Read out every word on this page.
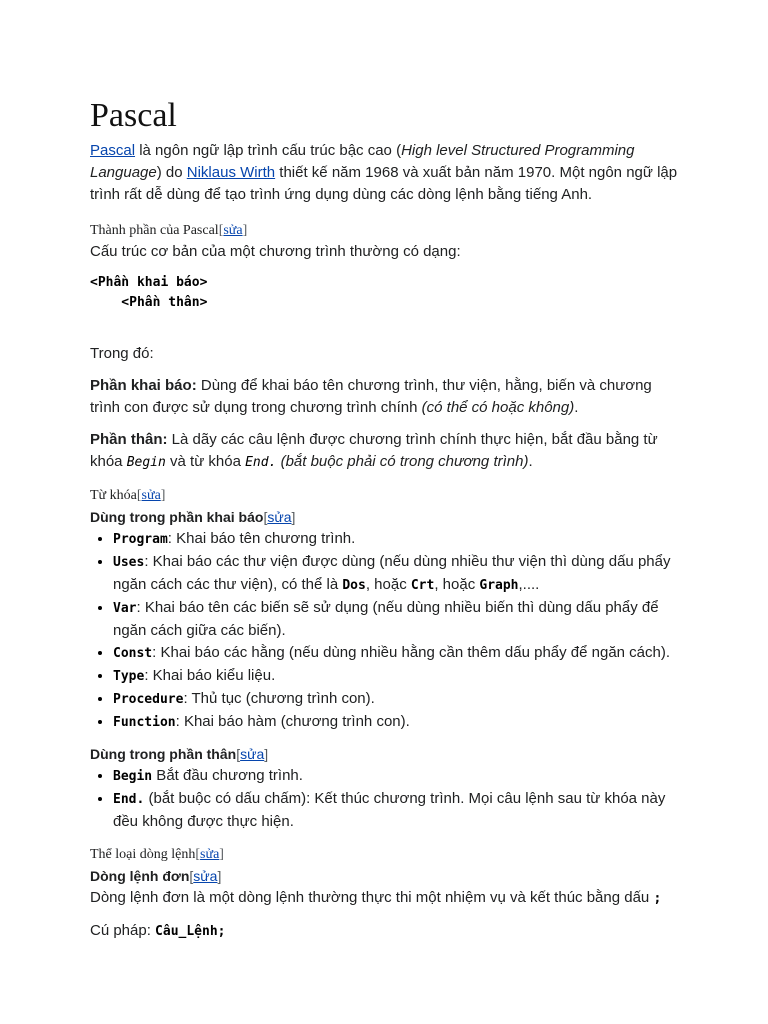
Pascal

Pascal là ngôn ngữ lập trình cấu trúc bậc cao (High level Structured Programming Language) do Niklaus Wirth thiết kế năm 1968 và xuất bản năm 1970. Một ngôn ngữ lập trình rất dễ dùng để tạo trình ứng dụng dùng các dòng lệnh bằng tiếng Anh.

Thành phần của Pascal[sửa]

Cấu trúc cơ bản của một chương trình thường có dạng:

<Phần khai báo>
<Phần thân>

Trong đó:

Phần khai báo: Dùng để khai báo tên chương trình, thư viện, hằng, biến và chương trình con được sử dụng trong chương trình chính (có thể có hoặc không).

Phần thân: Là dãy các câu lệnh được chương trình chính thực hiện, bắt đầu bằng từ khóa Begin và từ khóa End. (bắt buộc phải có trong chương trình).

Từ khóa[sửa]
Dùng trong phần khai báo[sửa]
• Program: Khai báo tên chương trình.
• Uses: Khai báo các thư viện được dùng (nếu dùng nhiều thư viện thì dùng dấu phẩy ngăn cách các thư viện), có thể là Dos, hoặc Crt, hoặc Graph,....
• Var: Khai báo tên các biến sẽ sử dụng (nếu dùng nhiều biến thì dùng dấu phẩy để ngăn cách giữa các biến).
• Const: Khai báo các hằng (nếu dùng nhiều hằng cần thêm dấu phẩy để ngăn cách).
• Type: Khai báo kiểu liệu.
• Procedure: Thủ tục (chương trình con).
• Function: Khai báo hàm (chương trình con).
Dùng trong phần thân[sửa]
• Begin Bắt đầu chương trình.
• End. (bắt buộc có dấu chấm): Kết thúc chương trình. Mọi câu lệnh sau từ khóa này đều không được thực hiện.
Thể loại dòng lệnh[sửa]
Dòng lệnh đơn[sửa]

Dòng lệnh đơn là một dòng lệnh thường thực thi một nhiệm vụ và kết thúc bằng dấu ;

Cú pháp: Câu_Lệnh;
